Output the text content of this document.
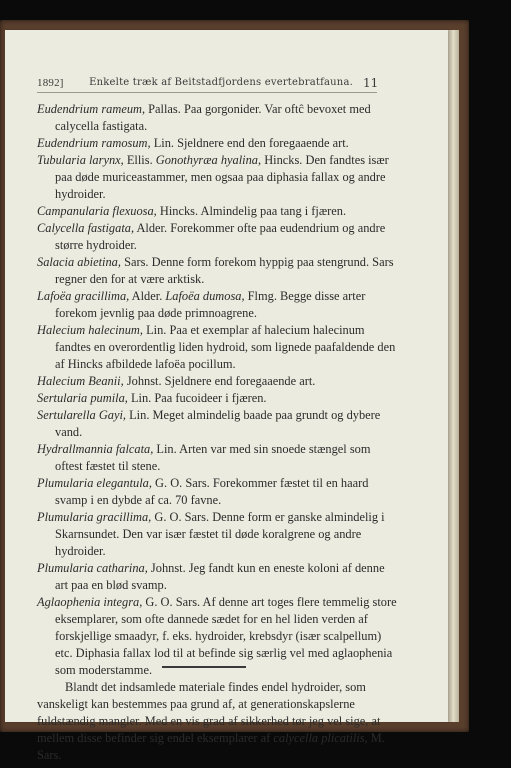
1892]	Enkelte træk af Beitstadfjordens evertebratfauna. 11

Eudendrium rameum, Pallas. Paa gorgonider. Var oftĉ bevoxet med calycella fastigata.

Eudendrium ramosum, Lin. Sjeldnere end den foregaaende art.

Tubularia larynx, Ellis. Gonothyræa hyalina, Hincks. Den fandtes især paa døde muriceastammer, men ogsaa paa diphasia fallax og andre hydroider.

Campanularia flexuosa, Hincks. Almindelig paa tang i fjæren.

Calycella fastigata, Alder. Forekommer ofte paa eudendrium og andre større hydroider.

Salacia abietina, Sars. Denne form forekom hyppig paa stengrund. Sars regner den for at være arktisk.

Lafoëa gracillima, Alder. Lafoëa dumosa, Flmg. Begge disse arter forekom jevnlig paa døde primnoagrene.

Halecium halecinum, Lin. Paa et exemplar af halecium halecinum fandtes en overordentlig liden hydroid, som lignede paafaldende den af Hincks afbildede lafoëa pocillum.

Halecium Beanii, Johnst. Sjeldnere end foregaaende art.

Sertularia pumila, Lin. Paa fucoideer i fjæren.

Sertularella Gayi, Lin. Meget almindelig baade paa grundt og dybere vand.

Hydrallmannia falcata, Lin. Arten var med sin snoede stængel som oftest fæstet til stene.

Plumularia elegantula, G. O. Sars. Forekommer fæstet til en haard svamp i en dybde af ca. 70 favne.

Plumularia gracillima, G. O. Sars. Denne form er ganske almindelig i Skarnsundet. Den var især fæstet til døde koralgrene og andre hydroider.

Plumularia catharina, Johnst. Jeg fandt kun en eneste koloni af denne art paa en blød svamp.

Aglaophenia integra, G. O. Sars. Af denne art toges flere temmelig store eksemplarer, som ofte dannede sædet for en hel liden verden af forskjellige smaadyr, f. eks. hydroider, krebsdyr (især scalpellum) etc. Diphasia fallax lod til at befinde sig særlig vel med aglaophenia som moderstamme.

Blandt det indsamlede materiale findes endel hydroider, som vanskeligt kan bestemmes paa grund af, at generationskapslerne fuldstændig mangler. Med en vis grad af sikkerhed tør jeg vel sige, at mellem disse befinder sig endel eksemplarer af calycella plicatilis, M. Sars.
